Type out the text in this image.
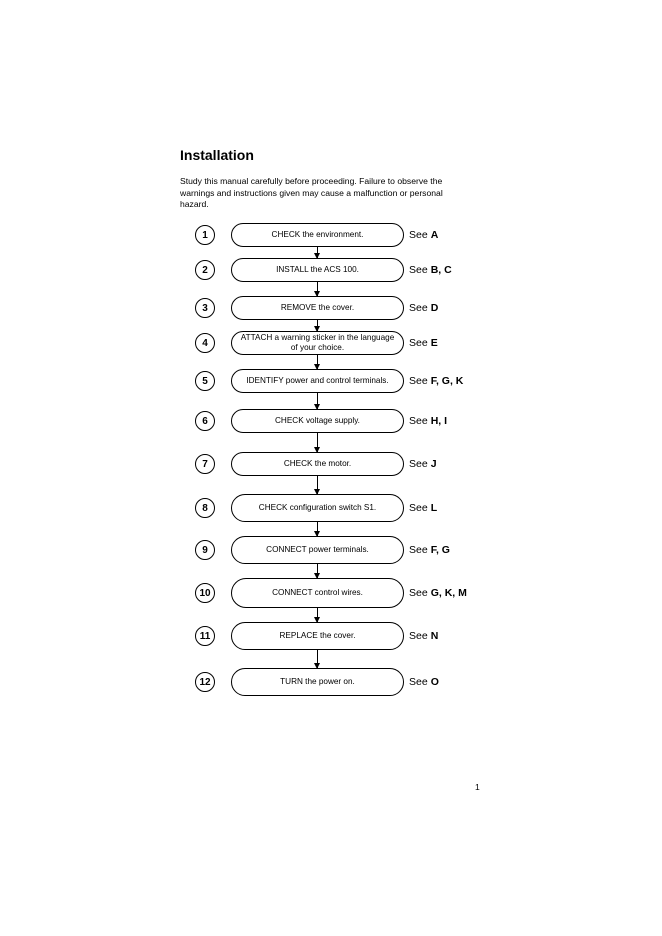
Installation

Study this manual carefully before proceeding. Failure to observe the warnings and instructions given may cause a malfunction or personal hazard.

1	CHECK the environment.	See A
2	INSTALL the ACS 100.	See B, C
3	REMOVE the cover.	See D
4	ATTACH a warning sticker in the language of your choice.	See E
5	IDENTIFY power and control terminals. See F, G, K
6	CHECK voltage supply.	See H, I
7	CHECK the motor.	See J
8	CHECK configuration switch S1.	See L
9	CONNECT power terminals.	See F, G
10	CONNECT control wires.	See G, K, M
11	REPLACE the cover.	See N
12	TURN the power on.	See O
1
